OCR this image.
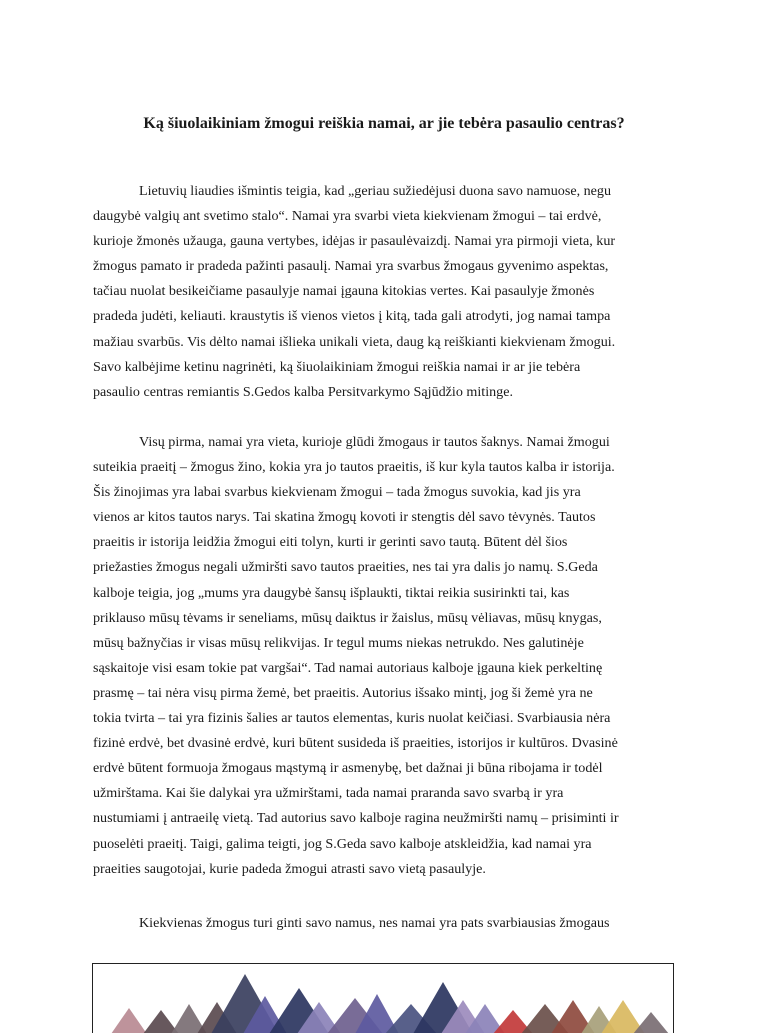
Ką šiuolaikiniam žmogui reiškia namai, ar jie tebėra pasaulio centras?
Lietuvių liaudies išmintis teigia, kad „geriau sužiedėjusi duona savo namuose, negu
daugybė valgių ant svetimo stalo“. Namai yra svarbi vieta kiekvienam žmogui – tai erdvė,
kurioje žmonės užauga, gauna vertybes, idėjas ir pasaulėvaizdį. Namai yra pirmoji vieta, kur
žmogus pamato ir pradeda pažinti pasaulį. Namai yra svarbus žmogaus gyvenimo aspektas,
tačiau nuolat besikeičiame pasaulyje namai įgauna kitokias vertes. Kai pasaulyje žmonės
pradeda judėti, keliauti. kraustytis iš vienos vietos į kitą, tada gali atrodyti, jog namai tampa
mažiau svarbūs. Vis dėlto namai išlieka unikali vieta, daug ką reiškianti kiekvienam žmogui.
Savo kalbėjime ketinu nagrinėti, ką šiuolaikiniam žmogui reiškia namai ir ar jie tebėra
pasaulio centras remiantis S.Gedos kalba Persitvarkymo Sąjūdžio mitinge.
Visų pirma, namai yra vieta, kurioje glūdi žmogaus ir tautos šaknys. Namai žmogui
suteikia praeitį – žmogus žino, kokia yra jo tautos praeitis, iš kur kyla tautos kalba ir istorija.
Šis žinojimas yra labai svarbus kiekvienam žmogui – tada žmogus suvokia, kad jis yra
vienos ar kitos tautos narys. Tai skatina žmogų kovoti ir stengtis dėl savo tėvynės. Tautos
praeitis ir istorija leidžia žmogui eiti tolyn, kurti ir gerinti savo tautą. Būtent dėl šios
priežasties žmogus negali užmiršti savo tautos praeities, nes tai yra dalis jo namų. S.Geda
kalboje teigia, jog „mums yra daugybė šansų išplaukti, tiktai reikia susirinkti tai, kas
priklauso mūsų tėvams ir seneliams, mūsų daiktus ir žaislus, mūsų vėliavas, mūsų knygas,
mūsų bažnyčias ir visas mūsų relikvijas. Ir tegul mums niekas netrukdo. Nes galutinėje
sąskaitoje visi esam tokie pat vargšai“. Tad namai autoriaus kalboje įgauna kiek perkeltinę
prasmę – tai nėra visų pirma žemė, bet praeitis. Autorius išsako mintį, jog ši žemė yra ne
tokia tvirta – tai yra fizinis šalies ar tautos elementas, kuris nuolat keičiasi. Svarbiausia nėra
fizinė erdvė, bet dvasinė erdvė, kuri būtent susideda iš praeities, istorijos ir kultūros. Dvasinė
erdvė būtent formuoja žmogaus mąstymą ir asmenybę, bet dažnai ji būna ribojama ir todėl
užmirštama. Kai šie dalykai yra užmirštami, tada namai praranda savo svarbą ir yra
nustumiami į antraeilę vietą. Tad autorius savo kalboje ragina neužmiršti namų – prisiminti ir
puoselėti praeitį. Taigi, galima teigti, jog S.Geda savo kalboje atskleidžia, kad namai yra
praeities saugotojai, kurie padeda žmogui atrasti savo vietą pasaulyje.
Kiekvienas žmogus turi ginti savo namus, nes namai yra pats svarbiausias žmogaus
